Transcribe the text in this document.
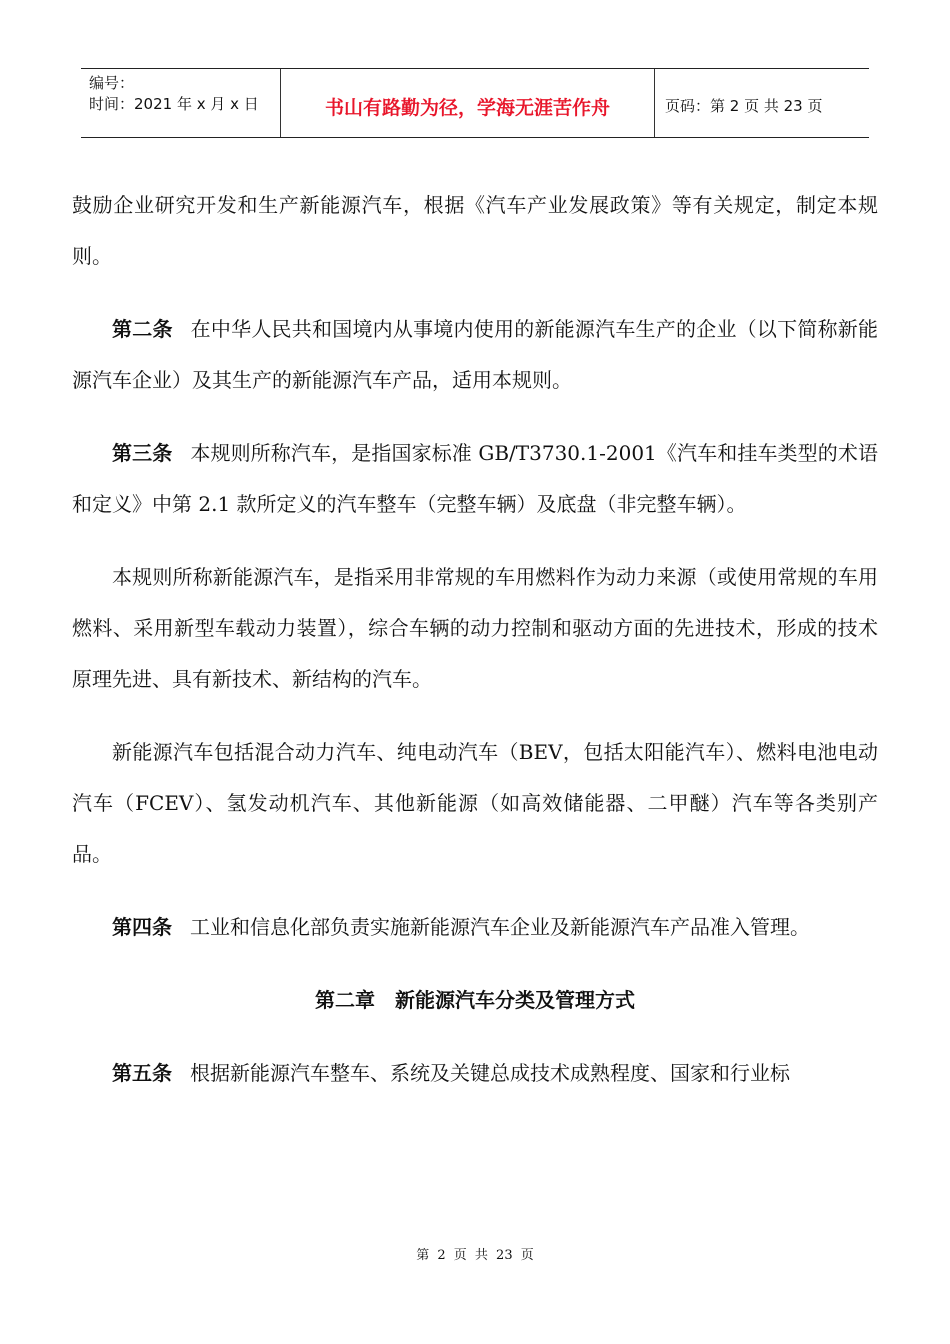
编号：
时间：2021 年 x 月 x 日	书山有路勤为径，学海无涯苦作舟	页码：第 2 页 共 23 页

鼓励企业研究开发和生产新能源汽车，根据《汽车产业发展政策》等有关规定，制定本规则。

第二条 在中华人民共和国境内从事境内使用的新能源汽车生产的企业（以下简称新能源汽车企业）及其生产的新能源汽车产品，适用本规则。

第三条 本规则所称汽车，是指国家标准 GB/T3730.1-2001《汽车和挂车类型的术语和定义》中第 2.1 款所定义的汽车整车（完整车辆）及底盘（非完整车辆）。

本规则所称新能源汽车，是指采用非常规的车用燃料作为动力来源（或使用常规的车用燃料、采用新型车载动力装置），综合车辆的动力控制和驱动方面的先进技术，形成的技术原理先进、具有新技术、新结构的汽车。

新能源汽车包括混合动力汽车、纯电动汽车（BEV，包括太阳能汽车）、燃料电池电动汽车（FCEV）、氢发动机汽车、其他新能源（如高效储能器、二甲醚）汽车等各类别产品。

第四条 工业和信息化部负责实施新能源汽车企业及新能源汽车产品准入管理。

第二章　新能源汽车分类及管理方式

第五条 根据新能源汽车整车、系统及关键总成技术成熟程度、国家和行业标

第 2 页 共 23 页
